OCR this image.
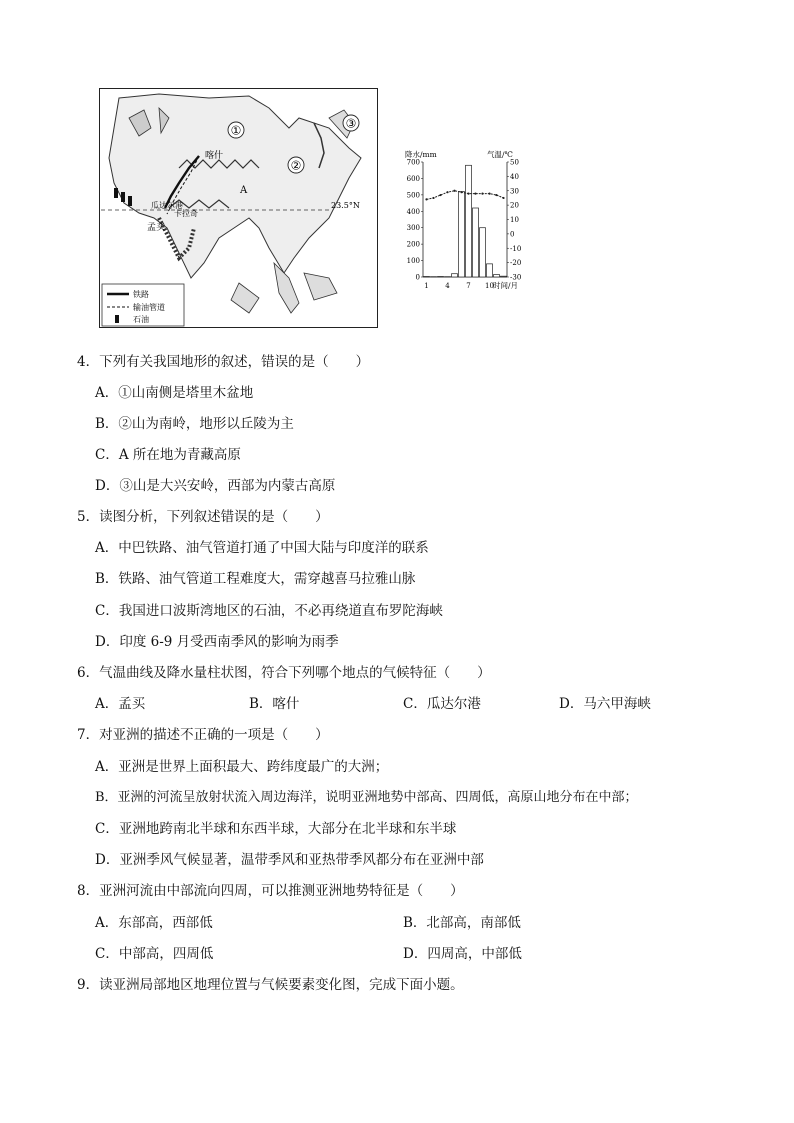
①
②
③
喀什
瓜达尔港
卡拉奇
孟买
A
23.5°N
铁路
输油管道
石油
降水/mm	气温/℃
700
600
500
400
300
200
100
0
50
40
30
20
10
0
-10
-20
-30
1 4 7 10 时间/月
4．下列有关我国地形的叙述，错误的是（　　）
A．①山南侧是塔里木盆地
B．②山为南岭，地形以丘陵为主
C．A 所在地为青藏高原
D．③山是大兴安岭，西部为内蒙古高原
5．读图分析，下列叙述错误的是（　　）
A．中巴铁路、油气管道打通了中国大陆与印度洋的联系
B．铁路、油气管道工程难度大，需穿越喜马拉雅山脉
C．我国进口波斯湾地区的石油，不必再绕道直布罗陀海峡
D．印度 6-9 月受西南季风的影响为雨季
6．气温曲线及降水量柱状图，符合下列哪个地点的气候特征（　　）
A．孟买	B．喀什	C．瓜达尔港	D．马六甲海峡
7．对亚洲的描述不正确的一项是（　　）
A．亚洲是世界上面积最大、跨纬度最广的大洲；
B．亚洲的河流呈放射状流入周边海洋，说明亚洲地势中部高、四周低，高原山地分布在中部；
C．亚洲地跨南北半球和东西半球，大部分在北半球和东半球
D．亚洲季风气候显著，温带季风和亚热带季风都分布在亚洲中部
8．亚洲河流由中部流向四周，可以推测亚洲地势特征是（　　）
A．东部高，西部低	B．北部高，南部低
C．中部高，四周低	D．四周高，中部低
9．读亚洲局部地区地理位置与气候要素变化图，完成下面小题。
